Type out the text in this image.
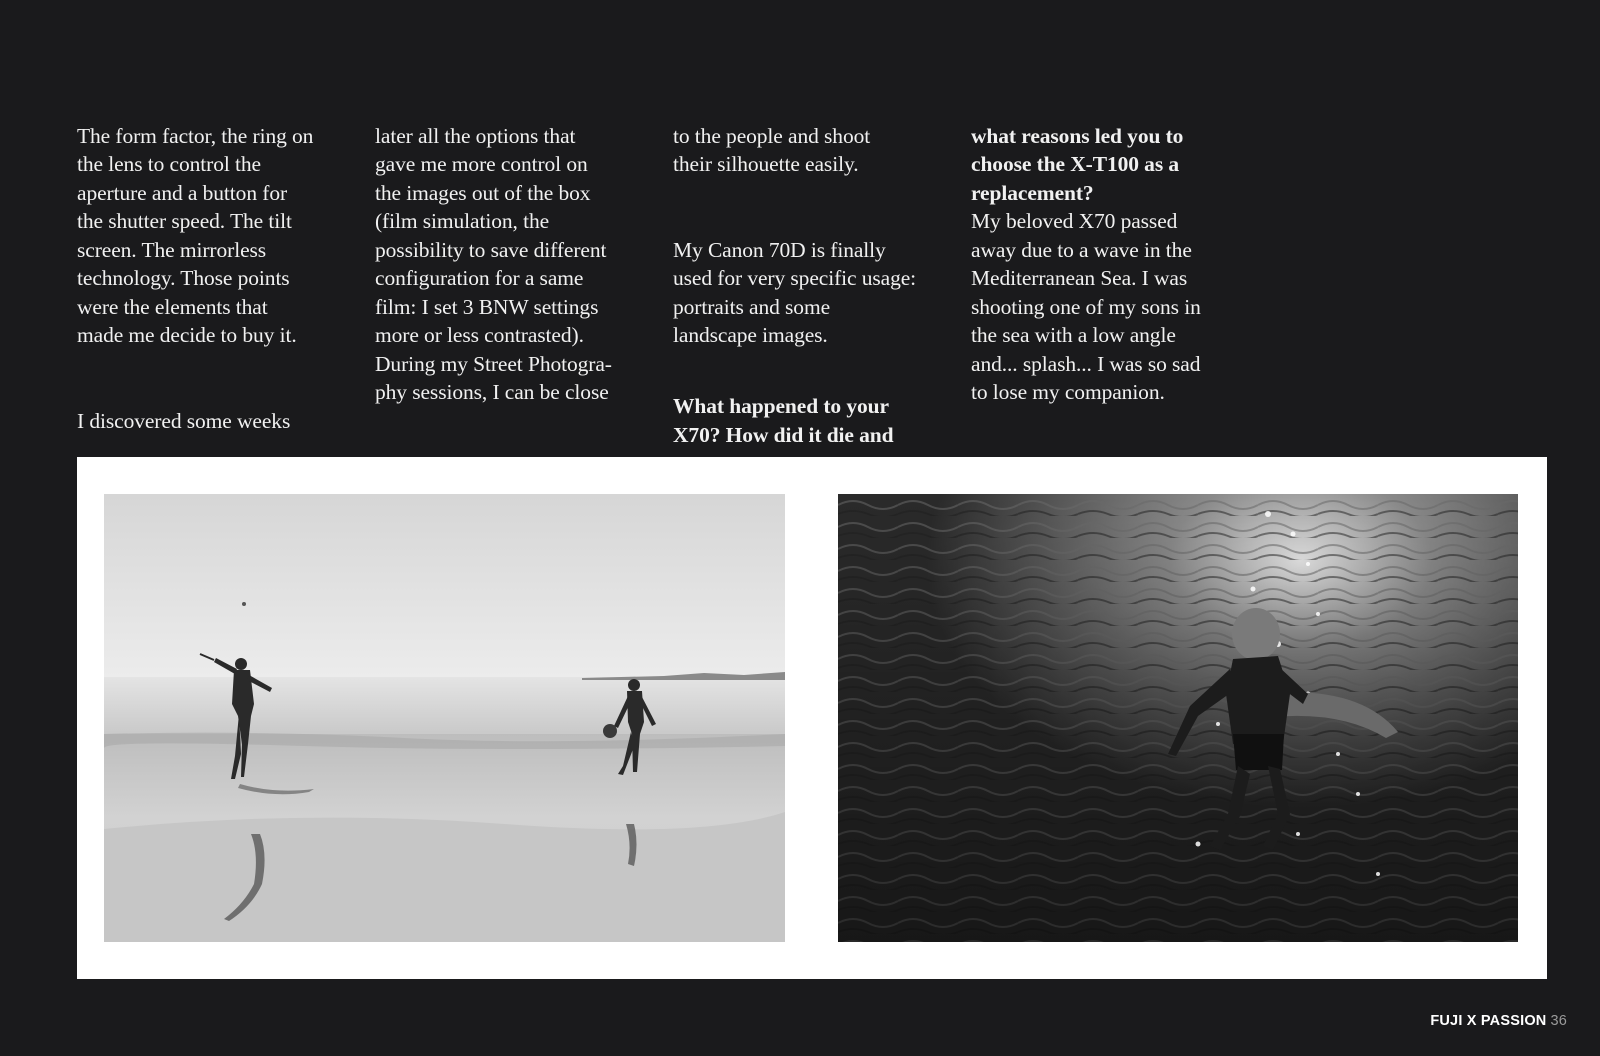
The form factor, the ring on
the lens to control the
aperture and a button for
the shutter speed. The tilt
screen. The mirrorless
technology. Those points
were the elements that
made me decide to buy it.

I discovered some weeks

later all the options that
gave me more control on
the images out of the box
(film simulation, the
possibility to save different
configuration for a same
film: I set 3 BNW settings
more or less contrasted).
During my Street Photogra-
phy sessions, I can be close

to the people and shoot
their silhouette easily.

My Canon 70D is finally
used for very specific usage:
portraits and some
landscape images.

What happened to your
X70? How did it die and

what reasons led you to
choose the X-T100 as a
replacement?

My beloved X70 passed
away due to a wave in the
Mediterranean Sea. I was
shooting one of my sons in
the sea with a low angle
and... splash... I was so sad
to lose my companion.

FUJI X PASSION 36
